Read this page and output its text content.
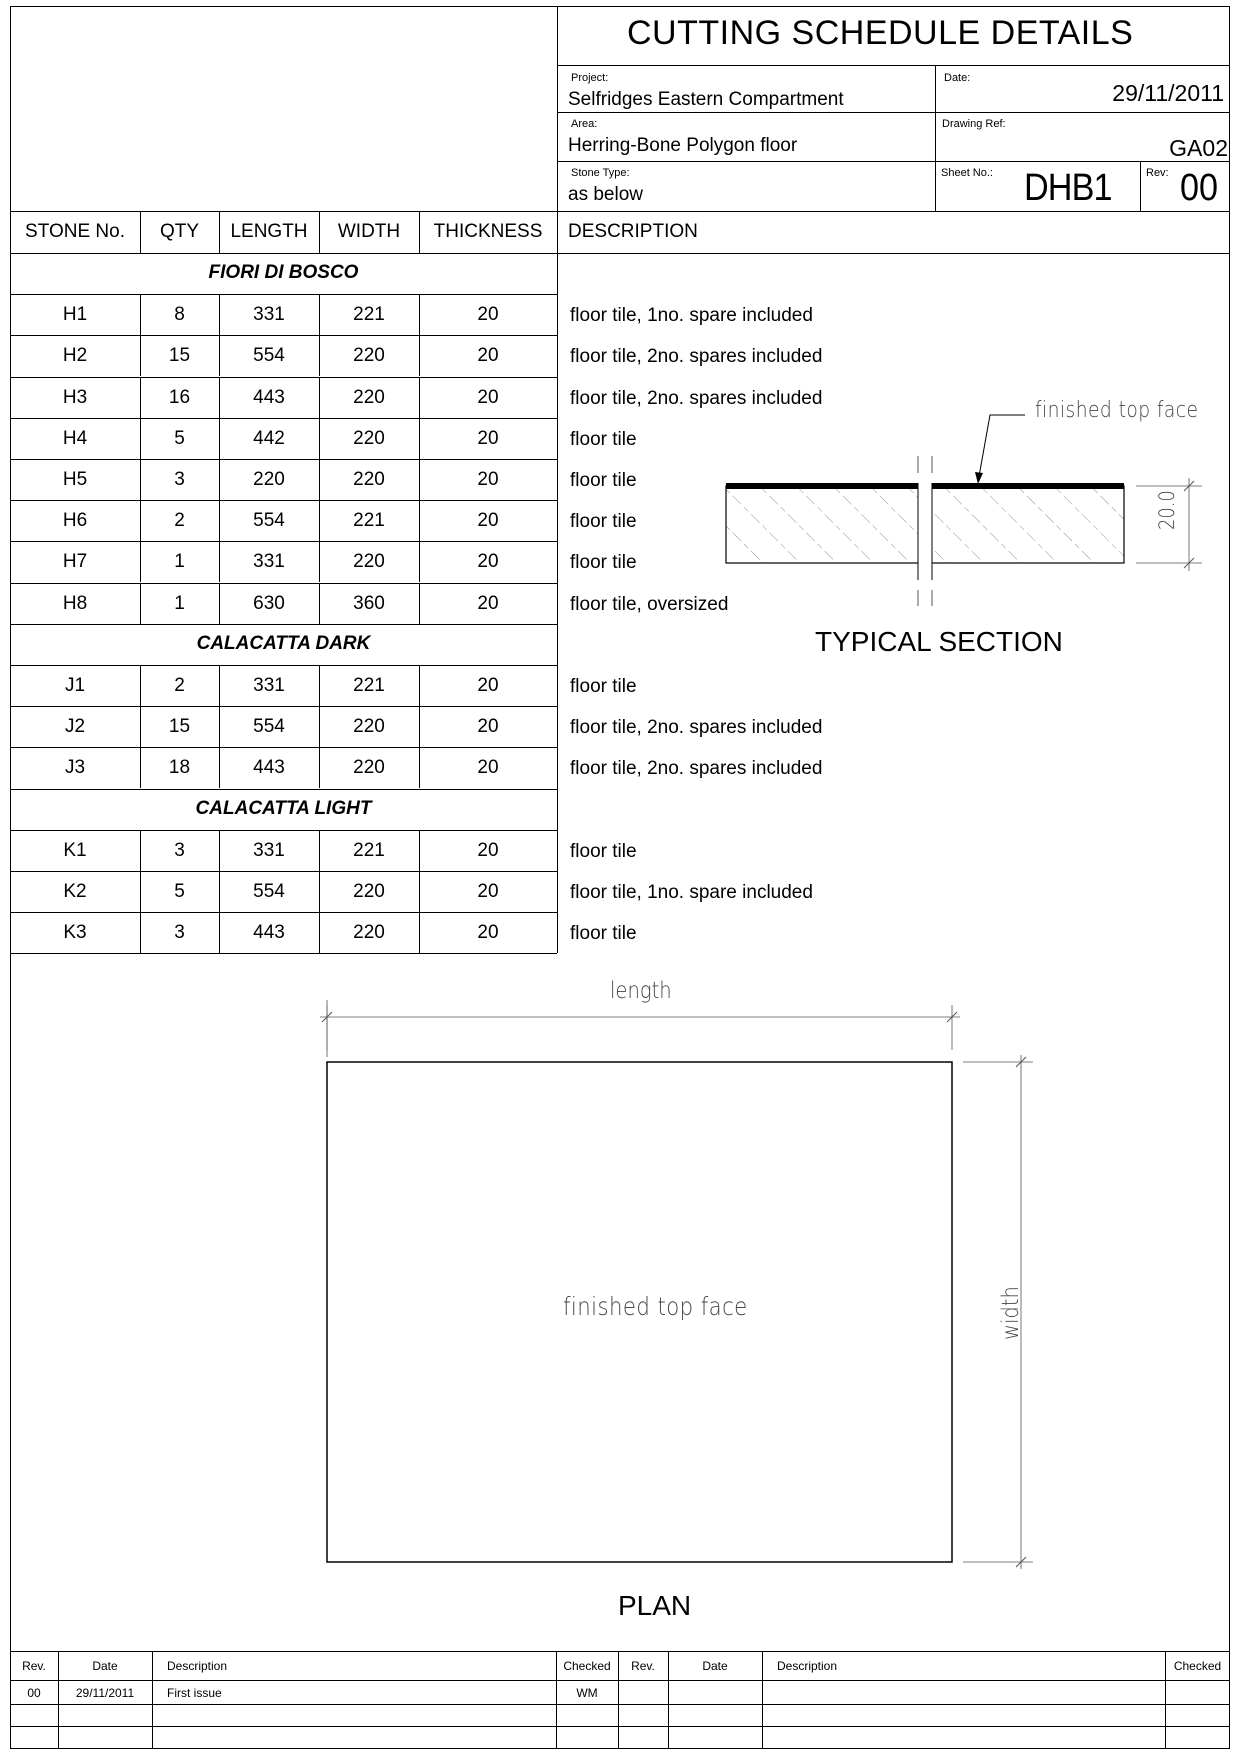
CUTTING SCHEDULE DETAILS
Project:
Selfridges Eastern Compartment
Date:
29/11/2011
Area:
Herring-Bone Polygon floor
Drawing Ref:
GA02
Stone Type:
as below
Sheet No.: DHB1	Rev: 00
STONE No.	QTY	LENGTH	WIDTH	THICKNESS	DESCRIPTION
FIORI DI BOSCO
H1	8	331	221	20	floor tile, 1no. spare included
H2	15	554	220	20	floor tile, 2no. spares included
H3	16	443	220	20	floor tile, 2no. spares included
H4	5	442	220	20	floor tile
H5	3	220	220	20	floor tile
H6	2	554	221	20	floor tile
H7	1	331	220	20	floor tile
H8	1	630	360	20	floor tile, oversized
CALACATTA DARK
J1	2	331	221	20	floor tile
J2	15	554	220	20	floor tile, 2no. spares included
J3	18	443	220	20	floor tile, 2no. spares included
CALACATTA LIGHT
K1	3	331	221	20	floor tile
K2	5	554	220	20	floor tile, 1no. spare included
K3	3	443	220	20	floor tile
finished top face
20.0
TYPICAL SECTION
length
width
finished top face
PLAN
Rev.	Date	Description	Checked	Rev.	Date	Description	Checked
00	29/11/2011	First issue	WM
